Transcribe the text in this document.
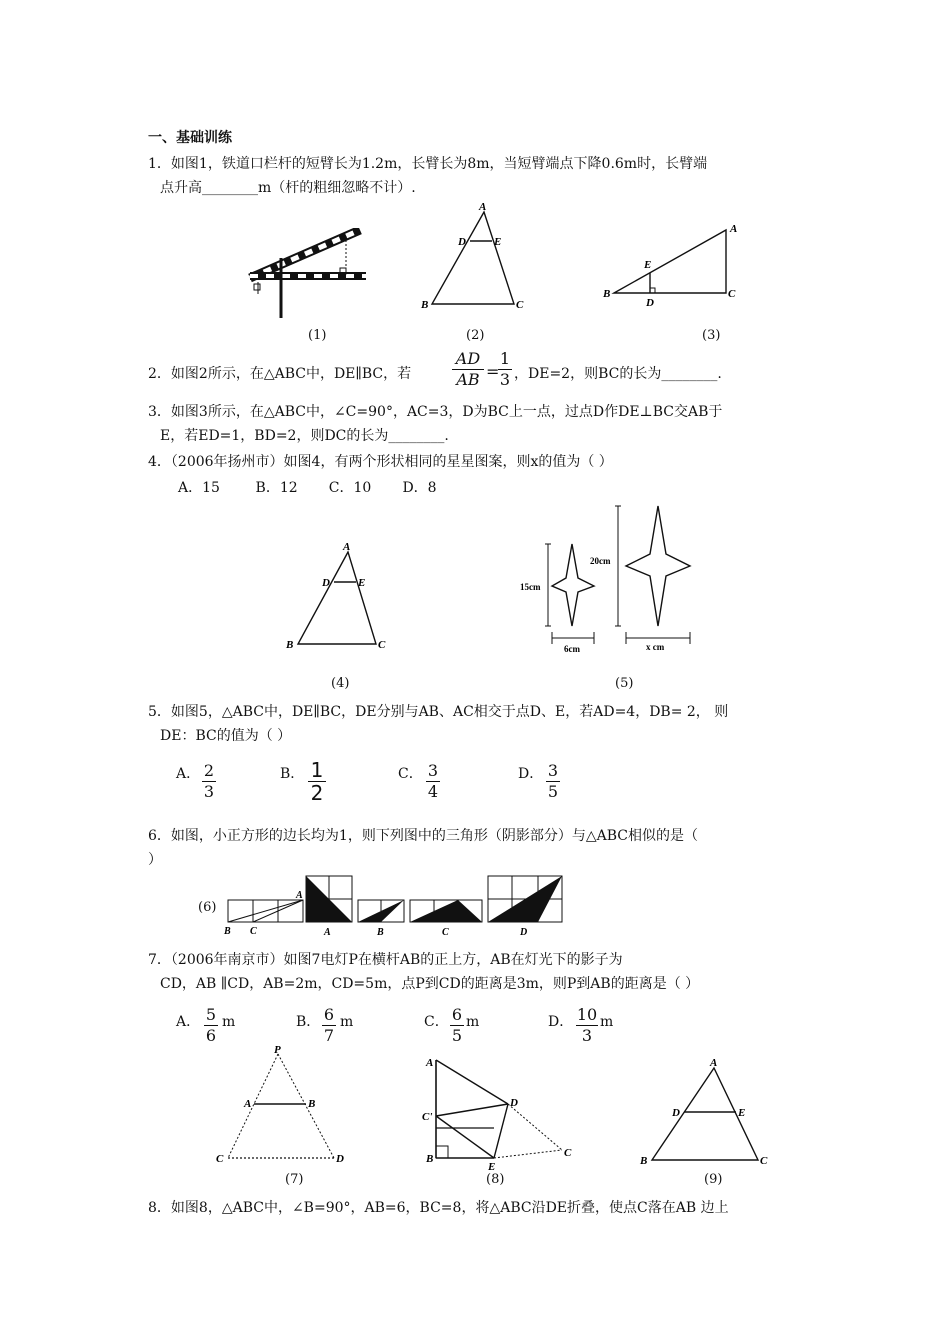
一、基础训练
1．如图1，铁道口栏杆的短臂长为1.2m，长臂长为8m，当短臂端点下降0.6m时，长臂端
点升高________m（杆的粗细忽略不计）.
(1)
A
D	E
B	C
(2)
A
E
B
D
C
(3)
2．如图2所示，在△ABC中，DE∥BC，若
AD
AB =
1
3 ，DE=2，则BC的长为________.
3．如图3所示，在△ABC中，∠C=90°，AC=3，D为BC上一点，过点D作DE⊥BC交AB于
E，若ED=1，BD=2，则DC的长为________.
4．（2006年扬州市）如图4，有两个形状相同的星星图案，则x的值为（ ）
A．15        B．12       C．10       D．8
A
D	E
B	C
(4)
15cm
20cm
6cm	x cm
(5)
5．如图5，△ABC中，DE∥BC，DE分别与AB、AC相交于点D、E，若AD=4，DB= 2， 则
DE：BC的值为（ ）
A． 2
3
B． 1
2
C． 3
4
D． 3
5
6．如图，小正方形的边长均为1，则下列图中的三角形（阴影部分）与△ABC相似的是（
）
(6)
A
B C	A	B	C	D
7．（2006年南京市）如图7电灯P在横杆AB的正上方，AB在灯光下的影子为
CD，AB ∥CD，AB=2m，CD=5m，点P到CD的距离是3m，则P到AB的距离是（ ）
A． 5
6
m	B． 6
7
m	C． 6
5
m	D． 10
3
m
P
A	B
C	D
(7)
A
C'
D
B
E
C
(8)
A
D	E
B	C
(9)
8．如图8，△ABC中，∠B=90°，AB=6，BC=8，将△ABC沿DE折叠，使点C落在AB 边上
